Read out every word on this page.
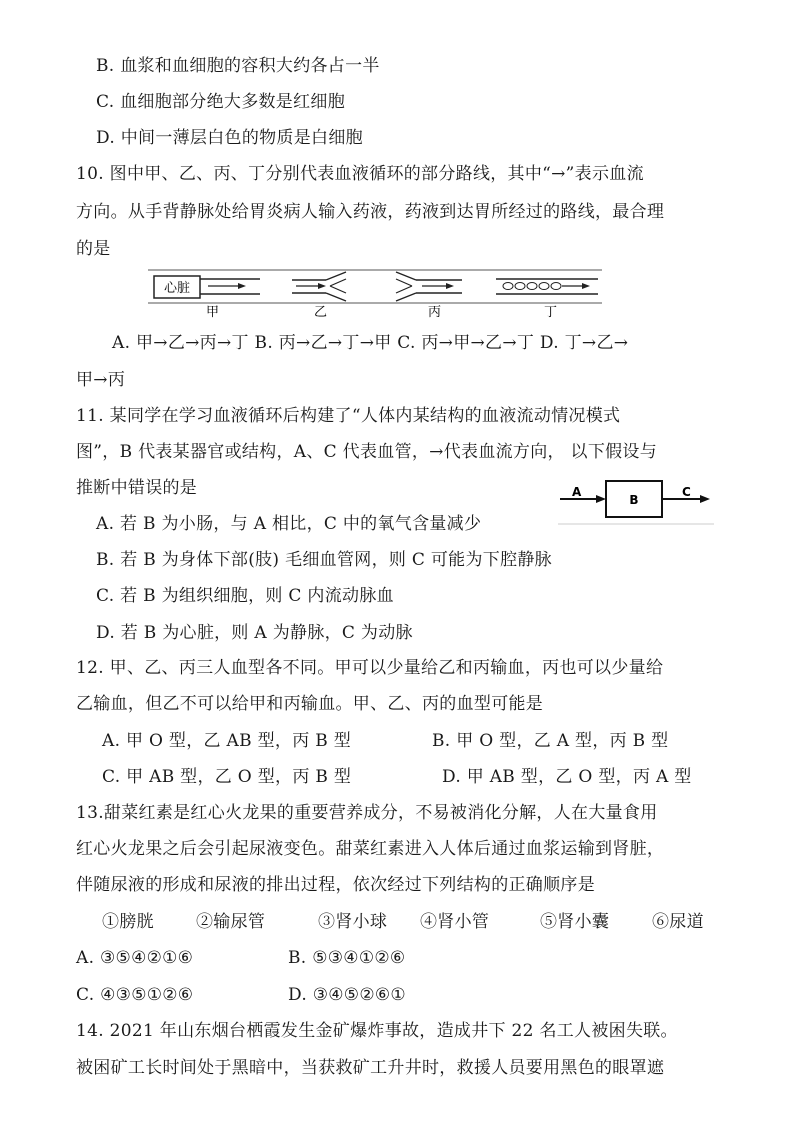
B. 血浆和血细胞的容积大约各占一半
C. 血细胞部分绝大多数是红细胞
D. 中间一薄层白色的物质是白细胞
10. 图中甲、乙、丙、丁分别代表血液循环的部分路线，其中“→”表示血流
方向。从手背静脉处给胃炎病人输入药液，药液到达胃所经过的路线，最合理
的是
心脏
甲	乙	丙	丁
A. 甲→乙→丙→丁 B. 丙→乙→丁→甲 C. 丙→甲→乙→丁 D. 丁→乙→
甲→丙
11. 某同学在学习血液循环后构建了“人体内某结构的血液流动情况模式
图”，B 代表某器官或结构，A、C 代表血管，→代表血流方向， 以下假设与
推断中错误的是	A
B
C
A. 若 B 为小肠，与 A 相比，C 中的氧气含量减少
B. 若 B 为身体下部(肢) 毛细血管网，则 C 可能为下腔静脉
C. 若 B 为组织细胞，则 C 内流动脉血
D. 若 B 为心脏，则 A 为静脉，C 为动脉
12. 甲、乙、丙三人血型各不同。甲可以少量给乙和丙输血，丙也可以少量给
乙输血，但乙不可以给甲和丙输血。甲、乙、丙的血型可能是
A. 甲 O 型，乙 AB 型，丙 B 型	B. 甲 O 型，乙 A 型，丙 B 型
C. 甲 AB 型，乙 O 型，丙 B 型	D. 甲 AB 型，乙 O 型，丙 A 型
13.甜菜红素是红心火龙果的重要营养成分，不易被消化分解，人在大量食用
红心火龙果之后会引起尿液变色。甜菜红素进入人体后通过血浆运输到肾脏，
伴随尿液的形成和尿液的排出过程，依次经过下列结构的正确顺序是
①膀胱 ②输尿管	③肾小球 ④肾小管	⑤肾小囊	⑥尿道
A. ③⑤④②①⑥	B. ⑤③④①②⑥
C. ④③⑤①②⑥	D. ③④⑤②⑥①
14. 2021 年山东烟台栖霞发生金矿爆炸事故，造成井下 22 名工人被困失联。
被困矿工长时间处于黑暗中，当获救矿工升井时，救援人员要用黑色的眼罩遮
